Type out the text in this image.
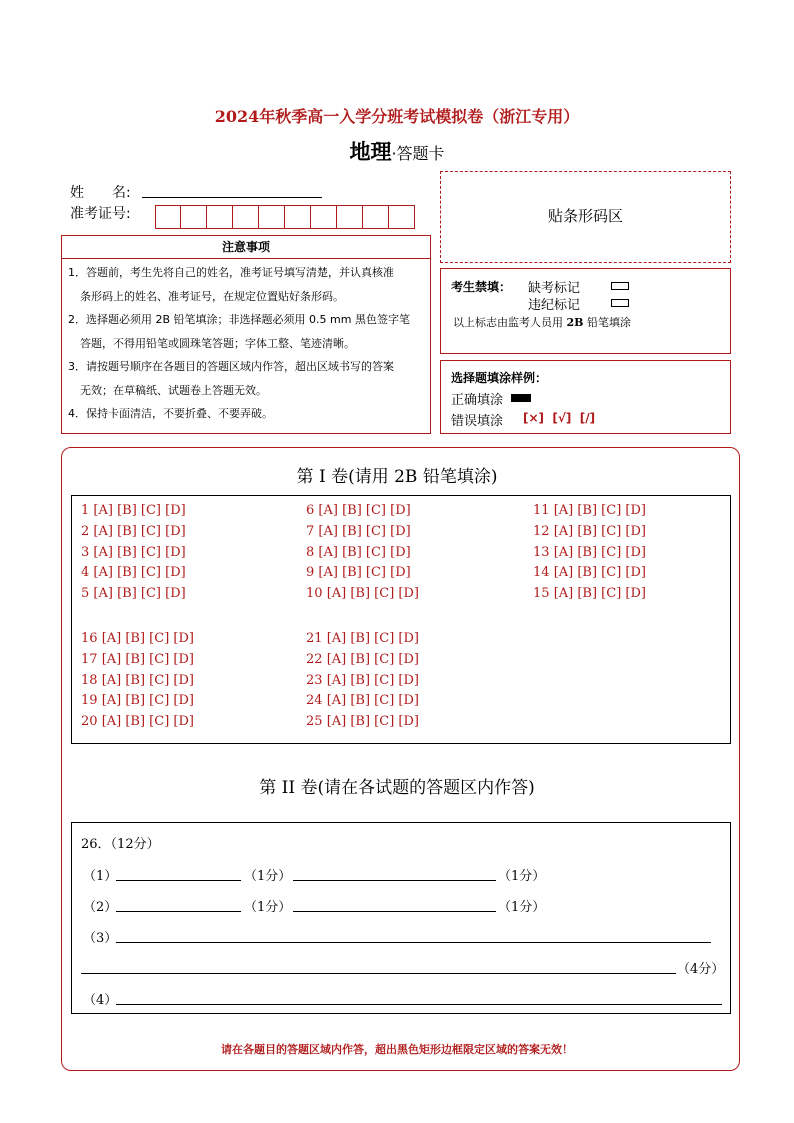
2024年秋季高一入学分班考试模拟卷（浙江专用）
地理·答题卡
姓　　名:
准考证号:	贴条形码区
注意事项
1．答题前，考生先将自己的姓名，准考证号填写清楚，并认真核准
条形码上的姓名、准考证号，在规定位置贴好条形码。
2．选择题必须用 2B 铅笔填涂；非选择题必须用 0.5 mm 黑色签字笔
答题，不得用铅笔或圆珠笔答题；字体工整、笔迹清晰。
3．请按题号顺序在各题目的答题区域内作答，超出区域书写的答案
无效；在草稿纸、试题卷上答题无效。
4．保持卡面清洁，不要折叠、不要弄破。
考生禁填： 缺考标记
违纪标记
以上标志由监考人员用 2B 铅笔填涂
选择题填涂样例：
正确填涂
错误填涂 [×]  [√]  [/]
第 I 卷(请用 2B 铅笔填涂)
1 [A] [B] [C] [D]
2 [A] [B] [C] [D]
3 [A] [B] [C] [D]
4 [A] [B] [C] [D]
5 [A] [B] [C] [D]
6 [A] [B] [C] [D]
7 [A] [B] [C] [D]
8 [A] [B] [C] [D]
9 [A] [B] [C] [D]
10 [A] [B] [C] [D]
11 [A] [B] [C] [D]
12 [A] [B] [C] [D]
13 [A] [B] [C] [D]
14 [A] [B] [C] [D]
15 [A] [B] [C] [D]
16 [A] [B] [C] [D]
17 [A] [B] [C] [D]
18 [A] [B] [C] [D]
19 [A] [B] [C] [D]
20 [A] [B] [C] [D]
21 [A] [B] [C] [D]
22 [A] [B] [C] [D]
23 [A] [B] [C] [D]
24 [A] [B] [C] [D]
25 [A] [B] [C] [D]
第 II 卷(请在各试题的答题区内作答)
26．（12分）
（1）	（1分）	（1分）
（2）	（1分）	（1分）
（3）
（4分）
（4）
请在各题目的答题区域内作答，超出黑色矩形边框限定区域的答案无效！
